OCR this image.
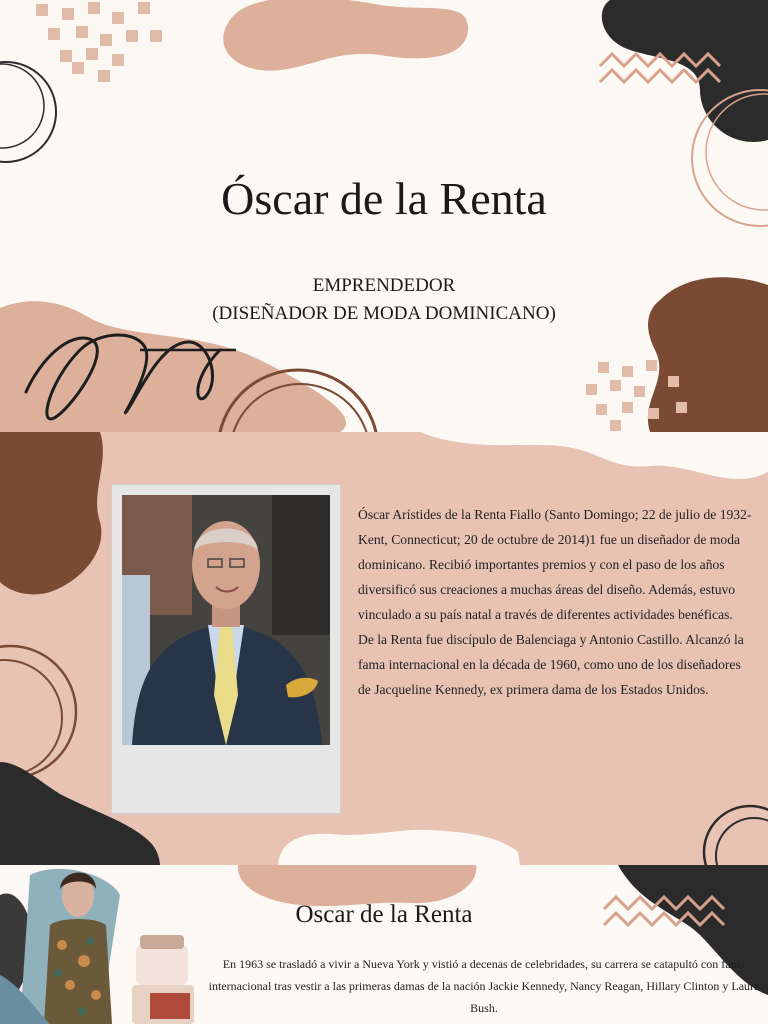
Óscar de la Renta
EMPRENDEDOR
(DISEÑADOR DE MODA DOMINICANO)
Óscar Arístides de la Renta Fiallo (Santo Domingo; 22 de julio de 1932-Kent, Connecticut; 20 de octubre de 2014)1 fue un diseñador de moda dominicano. Recibió importantes premios y con el paso de los años diversificó sus creaciones a muchas áreas del diseño. Además, estuvo vinculado a su país natal a través de diferentes actividades benéficas. De la Renta fue discípulo de Balenciaga y Antonio Castillo. Alcanzó la fama internacional en la década de 1960, como uno de los diseñadores de Jacqueline Kennedy, ex primera dama de los Estados Unidos.
Oscar de la Renta
En 1963 se trasladó a vivir a Nueva York y vistió a decenas de celebridades, su carrera se catapultó con fama internacional tras vestir a las primeras damas de la nación Jackie Kennedy, Nancy Reagan, Hillary Clinton y Laura Bush.
